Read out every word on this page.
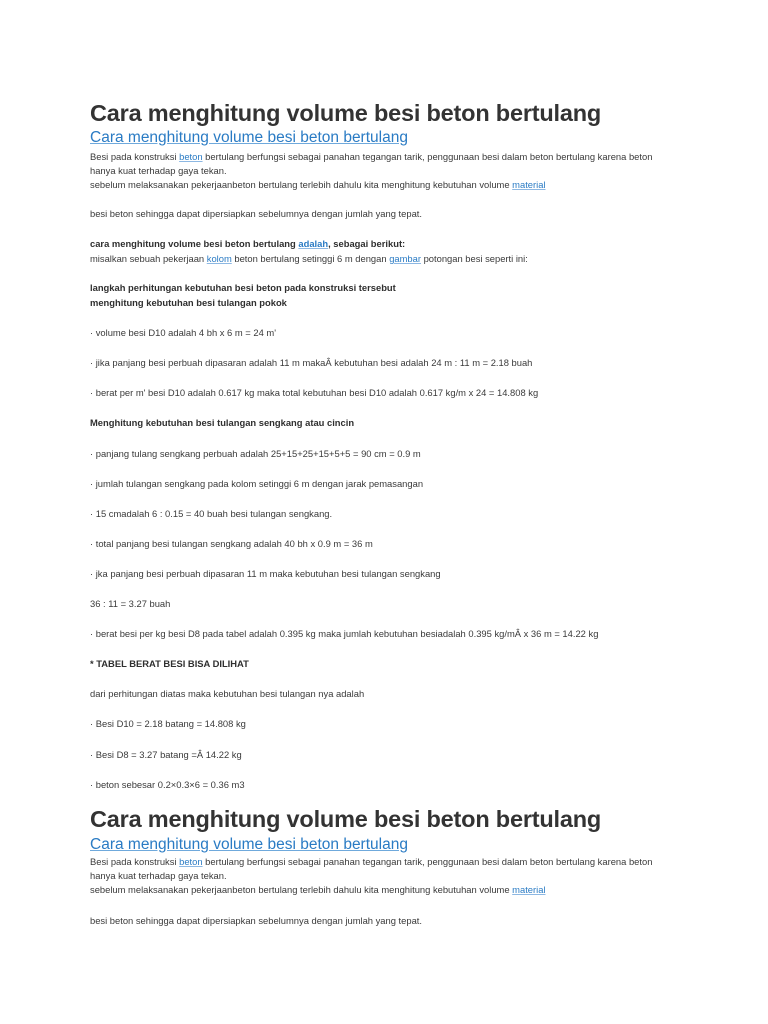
Cara menghitung volume besi beton bertulang
Cara menghitung volume besi beton bertulang
Besi pada konstruksi beton bertulang berfungsi sebagai panahan tegangan tarik, penggunaan besi dalam beton bertulang karena beton
hanya kuat terhadap gaya tekan.
sebelum melaksanakan pekerjaanbeton bertulang terlebih dahulu kita menghitung kebutuhan volume material
besi beton sehingga dapat dipersiapkan sebelumnya dengan jumlah yang tepat.
cara menghitung volume besi beton bertulang adalah, sebagai berikut:
misalkan sebuah pekerjaan kolom beton bertulang setinggi 6 m dengan gambar potongan besi seperti ini:
langkah perhitungan kebutuhan besi beton pada konstruksi tersebut
menghitung kebutuhan besi tulangan pokok
· volume besi D10 adalah 4 bh x 6 m = 24 m'
· jika panjang besi perbuah dipasaran adalah 11 m makaÂ kebutuhan besi adalah 24 m : 11 m = 2.18 buah
· berat per m' besi D10 adalah 0.617 kg maka total kebutuhan besi D10 adalah 0.617 kg/m x 24 = 14.808 kg
Menghitung kebutuhan besi tulangan sengkang atau cincin
· panjang tulang sengkang perbuah adalah 25+15+25+15+5+5 = 90 cm = 0.9 m
· jumlah tulangan sengkang pada kolom setinggi 6 m dengan jarak pemasangan
· 15 cmadalah 6 : 0.15 = 40 buah besi tulangan sengkang.
· total panjang besi tulangan sengkang adalah 40 bh x 0.9 m = 36 m
· jka panjang besi perbuah dipasaran 11 m maka kebutuhan besi tulangan sengkang
36 : 11 = 3.27 buah
· berat besi per kg besi D8 pada tabel adalah 0.395 kg maka jumlah kebutuhan besiadalah 0.395 kg/mÂ x 36 m = 14.22 kg
* TABEL BERAT BESI BISA DILIHAT
dari perhitungan diatas maka kebutuhan besi tulangan nya adalah
· Besi D10 = 2.18 batang = 14.808 kg
· Besi D8 = 3.27 batang =Â 14.22 kg
· beton sebesar 0.2×0.3×6 = 0.36 m3
Cara menghitung volume besi beton bertulang
Cara menghitung volume besi beton bertulang
Besi pada konstruksi beton bertulang berfungsi sebagai panahan tegangan tarik, penggunaan besi dalam beton bertulang karena beton
hanya kuat terhadap gaya tekan.
sebelum melaksanakan pekerjaanbeton bertulang terlebih dahulu kita menghitung kebutuhan volume material
besi beton sehingga dapat dipersiapkan sebelumnya dengan jumlah yang tepat.
